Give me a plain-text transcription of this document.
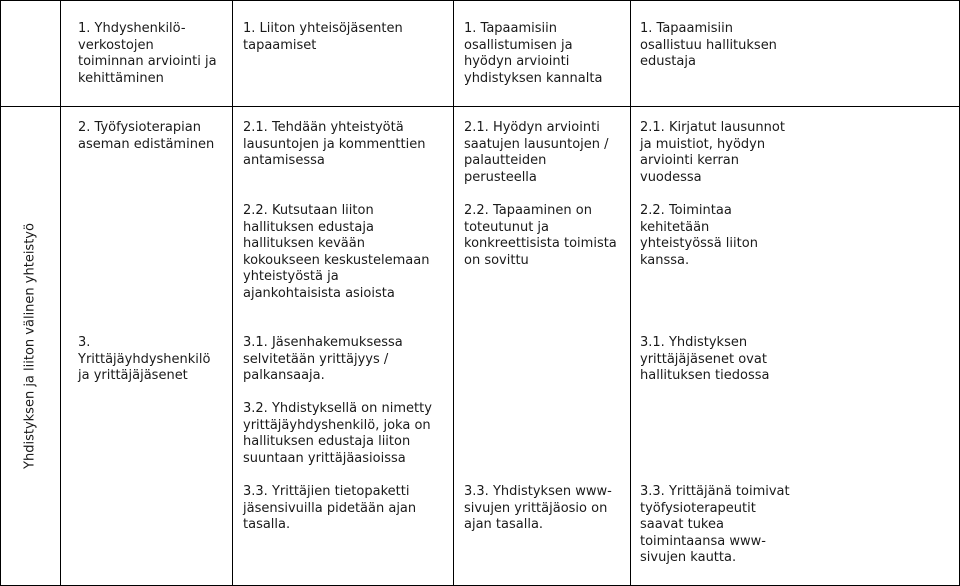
Yhdistyksen ja liiton välinen yhteistyö
1. Yhdyshenkilö-
verkostojen
toiminnan arviointi ja
kehittäminen
1. Liiton yhteisöjäsenten
tapaamiset
1. Tapaamisiin
osallistumisen ja
hyödyn arviointi
yhdistyksen kannalta
1. Tapaamisiin
osallistuu hallituksen
edustaja
2. Työfysioterapian
aseman edistäminen
3.
Yrittäjäyhdyshenkilö
ja yrittäjäjäsenet
2.1. Tehdään yhteistyötä
lausuntojen ja kommenttien
antamisessa
2.2. Kutsutaan liiton
hallituksen edustaja
hallituksen kevään
kokoukseen keskustelemaan
yhteistyöstä ja
ajankohtaisista asioista
3.1. Jäsenhakemuksessa
selvitetään yrittäjyys /
palkansaaja.
3.2. Yhdistyksellä on nimetty
yrittäjäyhdyshenkilö, joka on
hallituksen edustaja liiton
suuntaan yrittäjäasioissa
3.3. Yrittäjien tietopaketti
jäsensivuilla pidetään ajan
tasalla.
2.1. Hyödyn arviointi
saatujen lausuntojen /
palautteiden
perusteella
2.2. Tapaaminen on
toteutunut ja
konkreettisista toimista
on sovittu
3.3. Yhdistyksen www-
sivujen yrittäjäosio on
ajan tasalla.
2.1. Kirjatut lausunnot
ja muistiot, hyödyn
arviointi kerran
vuodessa
2.2. Toimintaa
kehitetään
yhteistyössä liiton
kanssa.
3.1. Yhdistyksen
yrittäjäjäsenet ovat
hallituksen tiedossa
3.3. Yrittäjänä toimivat
työfysioterapeutit
saavat tukea
toimintaansa www-
sivujen kautta.
